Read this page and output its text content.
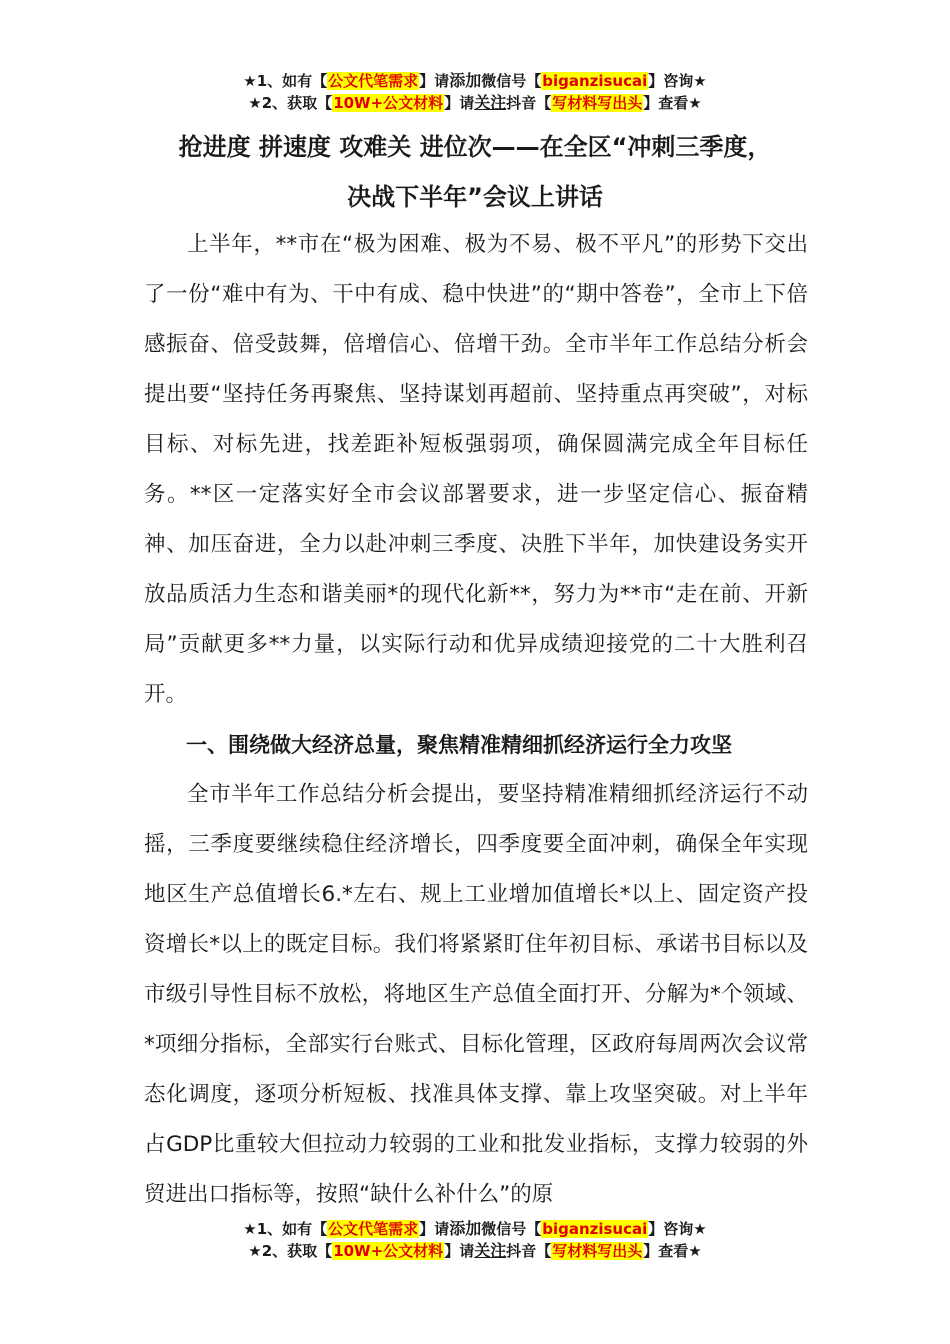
★1、如有【公文代笔需求】请添加微信号【biganzisucai】咨询★
★2、获取【10W+公文材料】请关注抖音【写材料写出头】查看★
抢进度 拼速度 攻难关 进位次——在全区“冲刺三季度，
决战下半年”会议上讲话

上半年，**市在“极为困难、极为不易、极不平凡”的形势下交出了一份“难中有为、干中有成、稳中快进”的“期中答卷”，全市上下倍感振奋、倍受鼓舞，倍增信心、倍增干劲。全市半年工作总结分析会提出要“坚持任务再聚焦、坚持谋划再超前、坚持重点再突破”，对标目标、对标先进，找差距补短板强弱项，确保圆满完成全年目标任务。**区一定落实好全市会议部署要求，进一步坚定信心、振奋精神、加压奋进，全力以赴冲刺三季度、决胜下半年，加快建设务实开放品质活力生态和谐美丽*的现代化新**，努力为**市“走在前、开新局”贡献更多**力量，以实际行动和优异成绩迎接党的二十大胜利召开。

一、围绕做大经济总量，聚焦精准精细抓经济运行全力攻坚

全市半年工作总结分析会提出，要坚持精准精细抓经济运行不动摇，三季度要继续稳住经济增长，四季度要全面冲刺，确保全年实现地区生产总值增长6.*左右、规上工业增加值增长*以上、固定资产投资增长*以上的既定目标。我们将紧紧盯住年初目标、承诺书目标以及市级引导性目标不放松，将地区生产总值全面打开、分解为*个领域、*项细分指标，全部实行台账式、目标化管理，区政府每周两次会议常态化调度，逐项分析短板、找准具体支撑、靠上攻坚突破。对上半年占GDP比重较大但拉动力较弱的工业和批发业指标，支撑力较弱的外贸进出口指标等，按照“缺什么补什么”的原

★1、如有【公文代笔需求】请添加微信号【biganzisucai】咨询★
★2、获取【10W+公文材料】请关注抖音【写材料写出头】查看★
